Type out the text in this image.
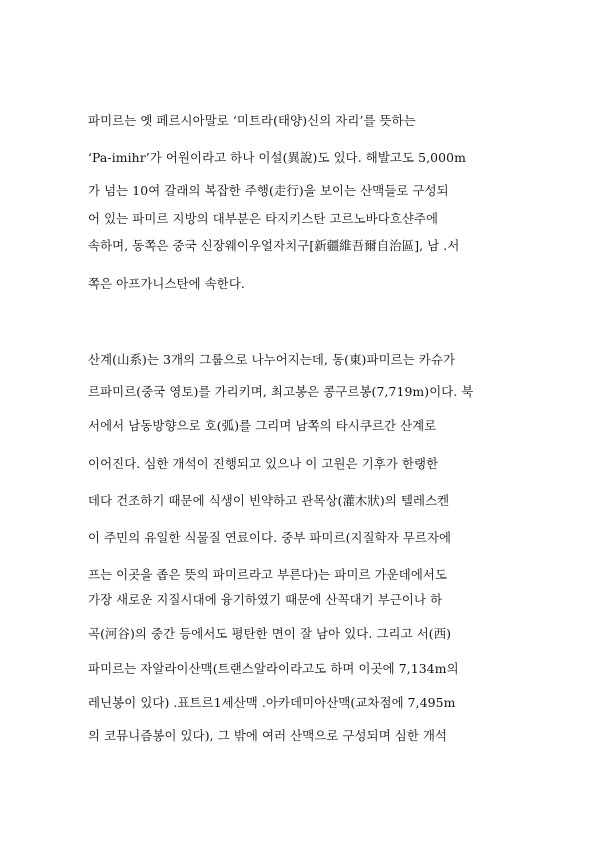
파미르는 옛 페르시아말로 ‘미트라(태양)신의 자리’를 뜻하는
‘Pa-imihr’가 어원이라고 하나 이설(異說)도 있다. 해발고도 5,000m
가 넘는 10여 갈래의 복잡한 주행(走行)을 보이는 산맥들로 구성되
어 있는 파미르 지방의 대부분은 타지키스탄 고르노바다흐샨주에
속하며, 동쪽은 중국 신장웨이우얼자치구[新疆維吾爾自治區], 남 .서
쪽은 아프가니스탄에 속한다.
산계(山系)는 3개의 그룹으로 나누어지는데, 동(東)파미르는 카슈가
르파미르(중국 영토)를 가리키며, 최고봉은 콩구르봉(7,719m)이다. 북
서에서 남동방향으로 호(弧)를 그리며 남쪽의 타시쿠르간 산계로
이어진다. 심한 개석이 진행되고 있으나 이 고원은 기후가 한랭한
데다 건조하기 때문에 식생이 빈약하고 관목상(灌木狀)의 텔레스켄
이 주민의 유일한 식물질 연료이다. 중부 파미르(지질학자 무르자에
프는 이곳을 좁은 뜻의 파미르라고 부른다)는 파미르 가운데에서도
가장 새로운 지질시대에 융기하였기 때문에 산꼭대기 부근이나 하
곡(河谷)의 중간 등에서도 평탄한 면이 잘 남아 있다. 그리고 서(西)
파미르는 자알라이산맥(트랜스알라이라고도 하며 이곳에 7,134m의
레닌봉이 있다) .표트르1세산맥 .아카데미아산맥(교차점에 7,495m
의 코뮤니즘봉이 있다), 그 밖에 여러 산맥으로 구성되며 심한 개석
